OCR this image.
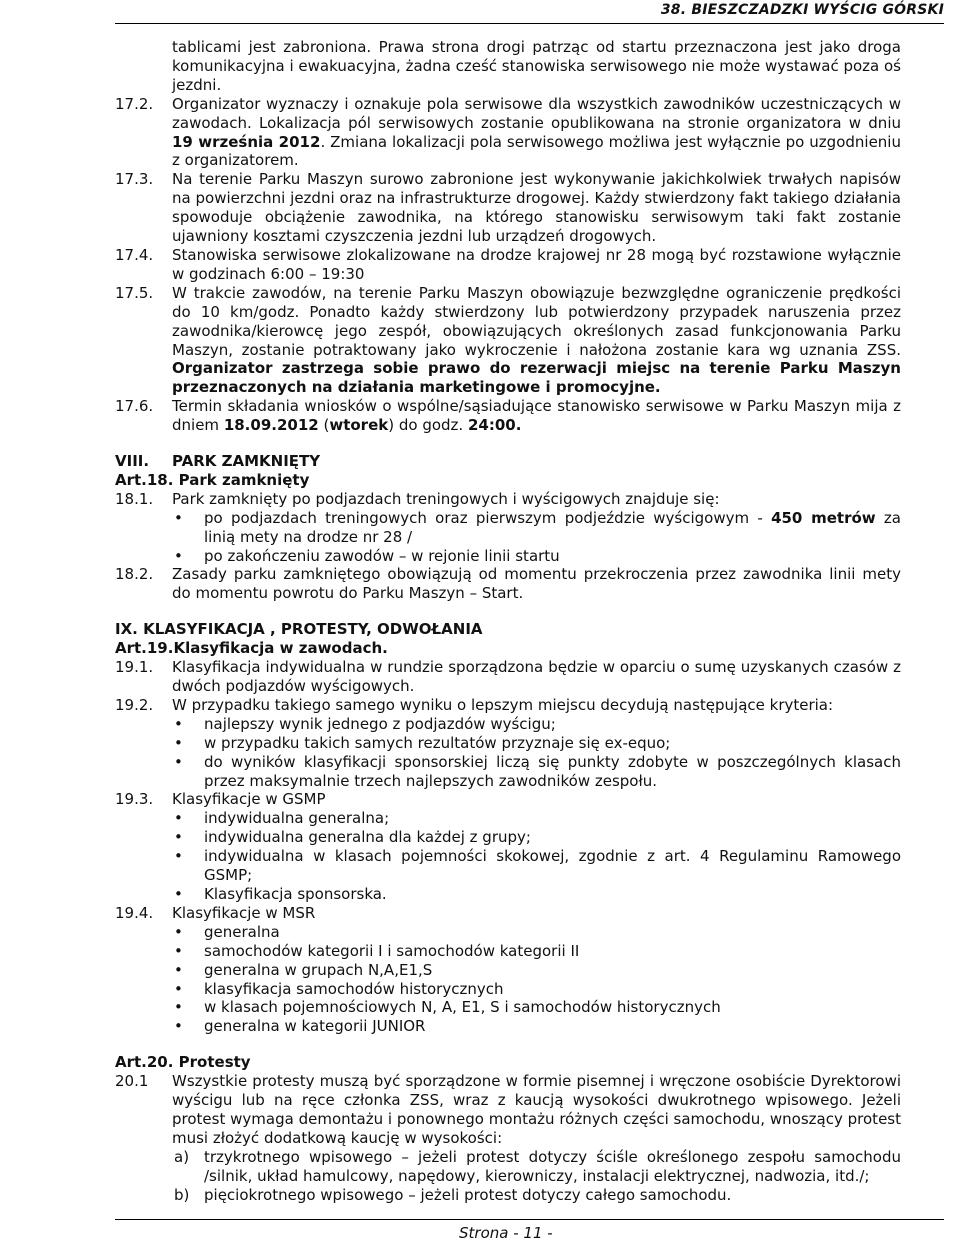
38. BIESZCZADZKI WYŚCIG GÓRSKI
tablicami jest zabroniona. Prawa strona drogi patrząc od startu przeznaczona jest jako droga komunikacyjna i ewakuacyjna, żadna cześć stanowiska serwisowego nie może wystawać poza oś jezdni.
17.2.	Organizator wyznaczy i oznakuje pola serwisowe dla wszystkich zawodników uczestniczących w zawodach. Lokalizacja pól serwisowych zostanie opublikowana na stronie organizatora w dniu 19 września 2012. Zmiana lokalizacji pola serwisowego możliwa jest wyłącznie po uzgodnieniu z organizatorem.
17.3.	Na terenie Parku Maszyn surowo zabronione jest wykonywanie jakichkolwiek trwałych napisów na powierzchni jezdni oraz na infrastrukturze drogowej. Każdy stwierdzony fakt takiego działania spowoduje obciążenie zawodnika, na którego stanowisku serwisowym taki fakt zostanie ujawniony kosztami czyszczenia jezdni lub urządzeń drogowych.
17.4.	Stanowiska serwisowe zlokalizowane na drodze krajowej nr 28 mogą być rozstawione wyłącznie w godzinach 6:00 – 19:30
17.5.	W trakcie zawodów, na terenie Parku Maszyn obowiązuje bezwzględne ograniczenie prędkości do 10 km/godz. Ponadto każdy stwierdzony lub potwierdzony przypadek naruszenia przez zawodnika/kierowcę jego zespół, obowiązujących określonych zasad funkcjonowania Parku Maszyn, zostanie potraktowany jako wykroczenie i nałożona zostanie kara wg uznania ZSS. Organizator zastrzega sobie prawo do rezerwacji miejsc na terenie Parku Maszyn przeznaczonych na działania marketingowe i promocyjne.
17.6.	Termin składania wniosków o wspólne/sąsiadujące stanowisko serwisowe w Parku Maszyn mija z dniem 18.09.2012 (wtorek) do godz. 24:00.
VIII.	PARK ZAMKNIĘTY
Art.18. Park zamknięty
18.1.	Park zamknięty po podjazdach treningowych i wyścigowych znajduje się:
•	po podjazdach treningowych oraz pierwszym podjeździe wyścigowym - 450 metrów za linią mety na drodze nr 28 /
•	po zakończeniu zawodów – w rejonie linii startu
18.2.	Zasady parku zamkniętego obowiązują od momentu przekroczenia przez zawodnika linii mety do momentu powrotu do Parku Maszyn – Start.
IX. KLASYFIKACJA , PROTESTY, ODWOŁANIA
Art.19.Klasyfikacja w zawodach.
19.1.	Klasyfikacja indywidualna w rundzie sporządzona będzie w oparciu o sumę uzyskanych czasów z dwóch podjazdów wyścigowych.
19.2.	W przypadku takiego samego wyniku o lepszym miejscu decydują następujące kryteria:
•	najlepszy wynik jednego z podjazdów wyścigu;
•	w przypadku takich samych rezultatów przyznaje się ex-equo;
•	do wyników klasyfikacji sponsorskiej liczą się punkty zdobyte w poszczególnych klasach przez maksymalnie trzech najlepszych zawodników zespołu.
19.3.	Klasyfikacje w GSMP
•	indywidualna generalna;
•	indywidualna generalna dla każdej z grupy;
•	indywidualna w klasach pojemności skokowej, zgodnie z art. 4 Regulaminu Ramowego GSMP;
•	Klasyfikacja sponsorska.
19.4.	Klasyfikacje w MSR
•	generalna
•	samochodów kategorii I i samochodów kategorii II
•	generalna w grupach N,A,E1,S
•	klasyfikacja samochodów historycznych
•	w klasach pojemnościowych N, A, E1, S i samochodów historycznych
•	generalna w kategorii JUNIOR
Art.20. Protesty
20.1	Wszystkie protesty muszą być sporządzone w formie pisemnej i wręczone osobiście Dyrektorowi wyścigu lub na ręce członka ZSS, wraz z kaucją wysokości dwukrotnego wpisowego. Jeżeli protest wymaga demontażu i ponownego montażu różnych części samochodu, wnoszący protest musi złożyć dodatkową kaucję w wysokości:
a) trzykrotnego wpisowego – jeżeli protest dotyczy ściśle określonego zespołu samochodu /silnik, układ hamulcowy, napędowy, kierowniczy, instalacji elektrycznej, nadwozia, itd./;
b) pięciokrotnego wpisowego – jeżeli protest dotyczy całego samochodu.
Strona - 11 -
